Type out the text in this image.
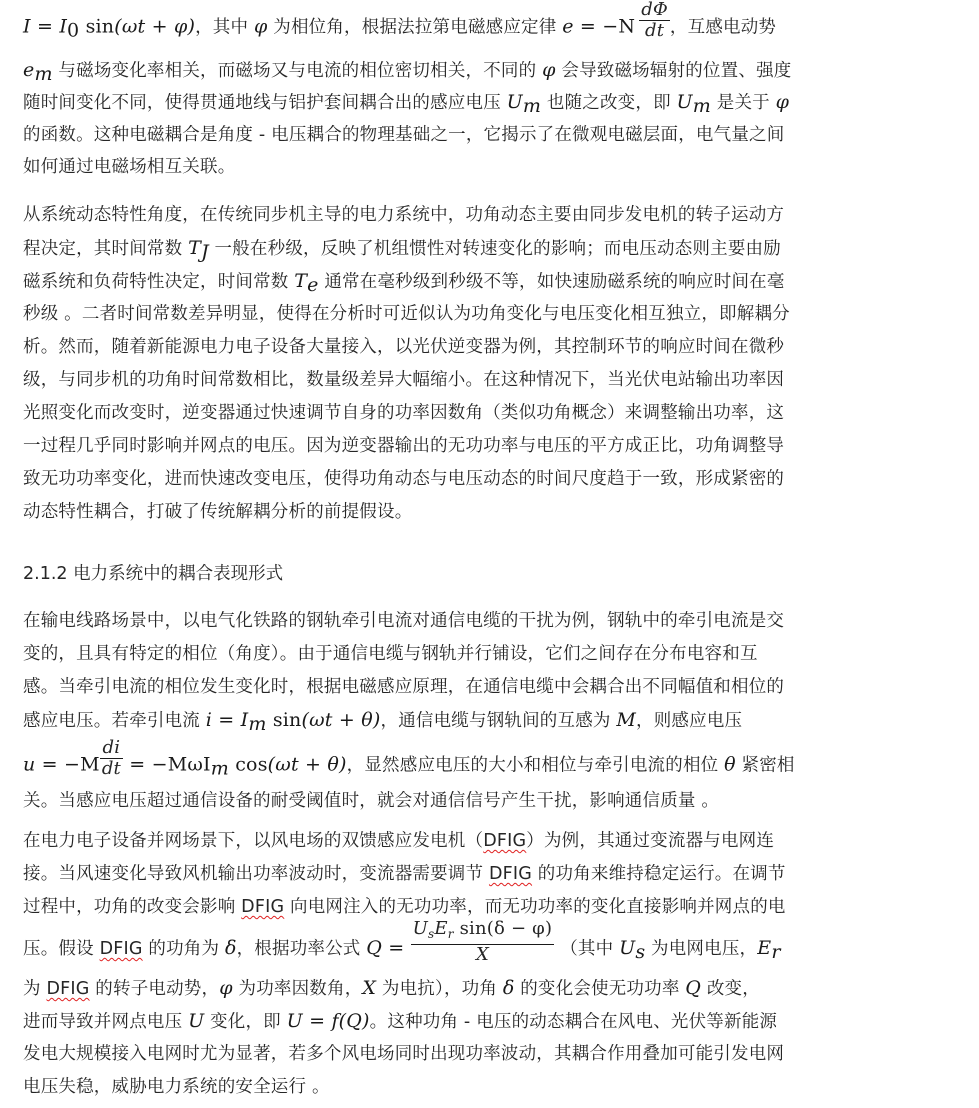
$I = I_0$ sin(ωt + φ)，其中 φ 为相位角，根据法拉第电磁感应定律 $e = -N \frac{d\Phi}{dt}$ ，互感电动势
$e_m$ 与磁场变化率相关，而磁场又与电流的相位密切相关，不同的 φ 会导致磁场辐射的位置、强度
随时间变化不同，使得贯通地线与铝护套间耦合出的感应电压 $U_m$ 也随之改变，即 $U_m$ 是关于 φ
的函数。这种电磁耦合是角度 - 电压耦合的物理基础之一，它揭示了在微观电磁层面，电气量之间
如何通过电磁场相互关联。
从系统动态特性角度，在传统同步机主导的电力系统中，功角动态主要由同步发电机的转子运动方
程决定，其时间常数 $T_J$ 一般在秒级，反映了机组惯性对转速变化的影响；而电压动态则主要由励
磁系统和负荷特性决定，时间常数 $T_e$ 通常在毫秒级到秒级不等，如快速励磁系统的响应时间在毫
秒级 。二者时间常数差异明显，使得在分析时可近似认为功角变化与电压变化相互独立，即解耦分
析。然而，随着新能源电力电子设备大量接入，以光伏逆变器为例，其控制环节的响应时间在微秒
级，与同步机的功角时间常数相比，数量级差异大幅缩小。在这种情况下，当光伏电站输出功率因
光照变化而改变时，逆变器通过快速调节自身的功率因数角（类似功角概念）来调整输出功率，这
一过程几乎同时影响并网点的电压。因为逆变器输出的无功功率与电压的平方成正比，功角调整导
致无功功率变化，进而快速改变电压，使得功角动态与电压动态的时间尺度趋于一致，形成紧密的
动态特性耦合，打破了传统解耦分析的前提假设。
2.1.2 电力系统中的耦合表现形式
在输电线路场景中，以电气化铁路的钢轨牵引电流对通信电缆的干扰为例，钢轨中的牵引电流是交
变的，且具有特定的相位（角度）。由于通信电缆与钢轨并行铺设，它们之间存在分布电容和互
感。当牵引电流的相位发生变化时，根据电磁感应原理，在通信电缆中会耦合出不同幅值和相位的
感应电压。若牵引电流 $i = I_m$ sin(ωt + θ)，通信电缆与钢轨间的互感为 M，则感应电压
$u = -M \frac{di}{dt} = -M\omega I_m$ cos(ωt + θ)，显然感应电压的大小和相位与牵引电流的相位 θ 紧密相
关。当感应电压超过通信设备的耐受阈值时，就会对通信信号产生干扰，影响通信质量 。
在电力电子设备并网场景下，以风电场的双馈感应发电机（DFIG）为例，其通过变流器与电网连
接。当风速变化导致风机输出功率波动时，变流器需要调节 DFIG 的功角来维持稳定运行。在调节
过程中，功角的改变会影响 DFIG 向电网注入的无功功率，而无功功率的变化直接影响并网点的电
压。假设 DFIG 的功角为 δ，根据功率公式 $Q = \frac{U_sE_r \sin(\delta - \varphi)}{X}$ （其中 $U_s$ 为电网电压，$E_r$
为 DFIG 的转子电动势，φ 为功率因数角，X 为电抗），功角 δ 的变化会使无功功率 Q 改变，
进而导致并网点电压 U 变化，即 U = f(Q)。这种功角 - 电压的动态耦合在风电、光伏等新能源
发电大规模接入电网时尤为显著，若多个风电场同时出现功率波动，其耦合作用叠加可能引发电网
电压失稳，威胁电力系统的安全运行 。
